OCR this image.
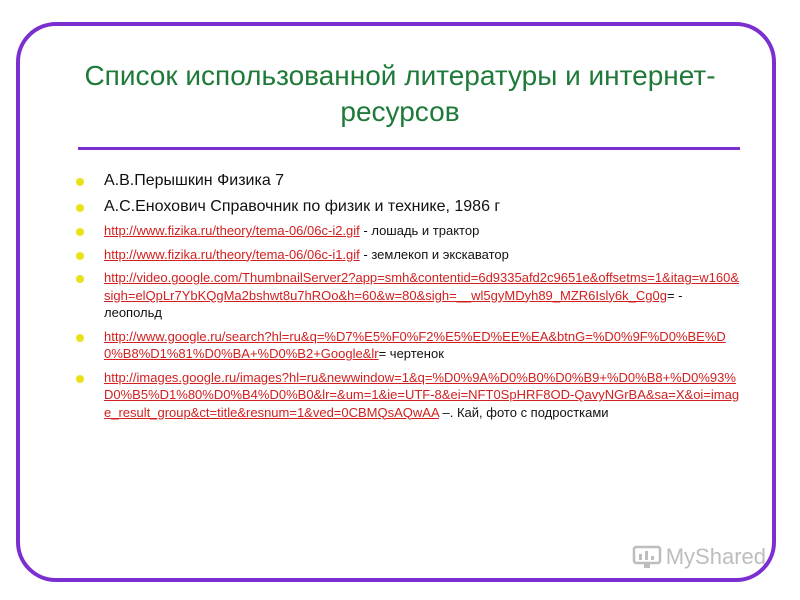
Список использованной литературы и интернет- ресурсов
А.В.Перышкин Физика 7
А.С.Енохович Справочник по физик и технике, 1986 г
http://www.fizika.ru/theory/tema-06/06c-i2.gif - лошадь и трактор
http://www.fizika.ru/theory/tema-06/06c-i1.gif - землекоп и экскаватор
http://video.google.com/ThumbnailServer2?app=smh&contentid=6d9335afd2c9651e&offsetms=1&itag=w160&sigh=elQpLr7YbKQgMa2bshwt8u7hROo&h=60&w=80&sigh=__wl5gyMDyh89_MZR6Isly6k_Cg0g= - леопольд
http://www.google.ru/search?hl=ru&q=%D7%E5%F0%F2%E5%ED%EE%EA&btnG=%D0%9F%D0%BE%D0%B8%D1%81%D0%BA+%D0%B2+Google&lr= чертенок
http://images.google.ru/images?hl=ru&newwindow=1&q=%D0%9A%D0%B0%D0%B9+%D0%B8+%D0%93%D0%B5%D1%80%D0%B4%D0%B0&lr=&um=1&ie=UTF-8&ei=NFT0SpHRF8OD-QavyNGrBA&sa=X&oi=image_result_group&ct=title&resnum=1&ved=0CBMQsAQwAA –. Кай, фото с подростками
MyShared
